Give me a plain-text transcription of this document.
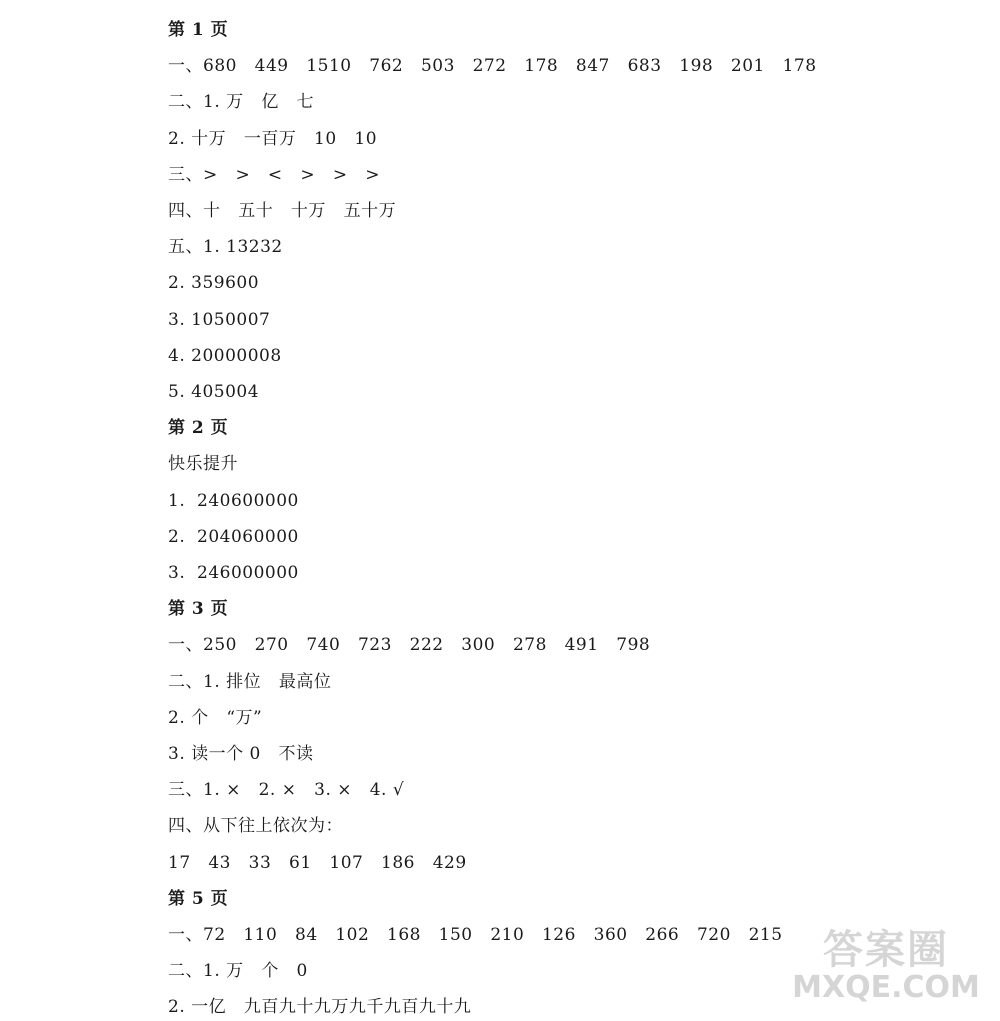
第 1 页
一、680   449   1510   762   503   272   178   847   683   198   201   178
二、1. 万   亿   七
2. 十万   一百万   10   10
三、>   >   <   >   >   >
四、十   五十   十万   五十万
五、1. 13232
2. 359600
3. 1050007
4. 20000008
5. 405004
第 2 页
快乐提升
1.  240600000
2.  204060000
3.  246000000
第 3 页
一、250   270   740   723   222   300   278   491   798
二、1. 排位   最高位
2. 个   “万”
3. 读一个 0   不读
三、1. ×   2. ×   3. ×   4. √
四、从下往上依次为：
17   43   33   61   107   186   429
第 5 页
一、72   110   84   102   168   150   210   126   360   266   720   215
二、1. 万   个   0
2. 一亿   九百九十九万九千九百九十九
答案圈
MXQE.COM
